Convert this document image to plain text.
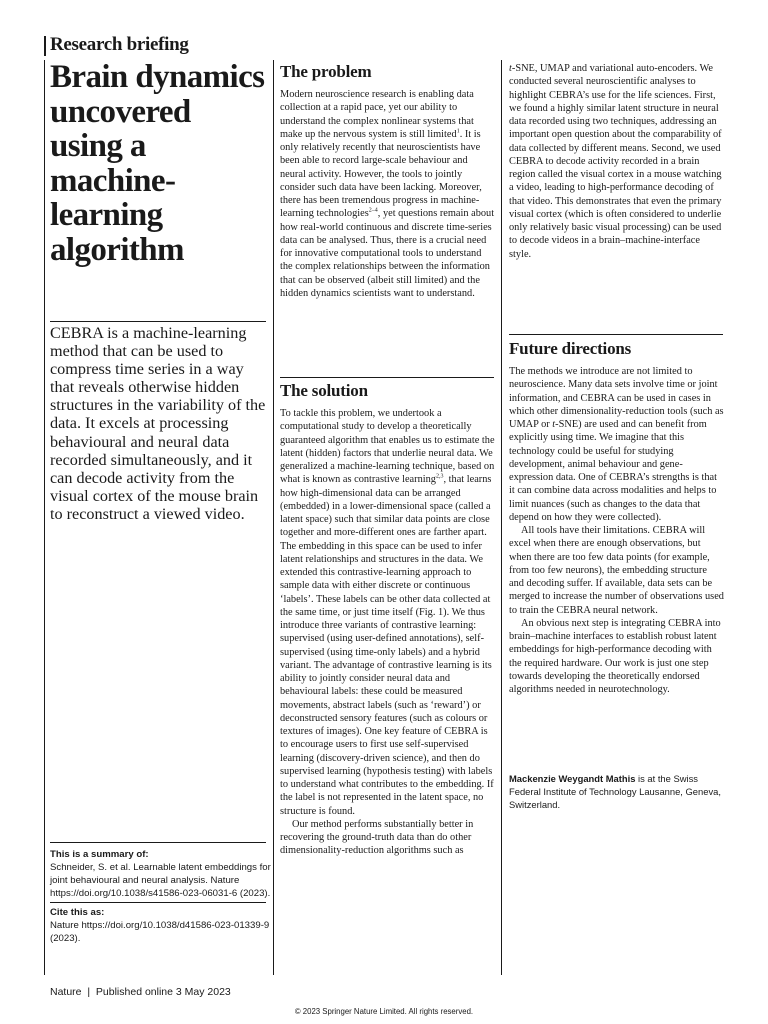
Research briefing
Brain dynamics uncovered using a machine-learning algorithm

CEBRA is a machine-learning method that can be used to compress time series in a way that reveals otherwise hidden structures in the variability of the data. It excels at processing behavioural and neural data recorded simultaneously, and it can decode activity from the visual cortex of the mouse brain to reconstruct a viewed video.

This is a summary of:

Schneider, S. et al. Learnable latent embeddings for joint behavioural and neural analysis. Nature https://doi.org/10.1038/s41586-023-06031-6 (2023).

Cite this as:

Nature https://doi.org/10.1038/d41586-023-01339-9 (2023).

The problem

Modern neuroscience research is enabling data collection at a rapid pace, yet our ability to understand the complex nonlinear systems that make up the nervous system is still limited$^1$. It is only relatively recently that neuroscientists have been able to record large-scale behaviour and neural activity. However, the tools to jointly consider such data have been lacking. Moreover, there has been tremendous progress in machine-learning technologies$^{2-4}$, yet questions remain about how real-world continuous and discrete time-series data can be analysed. Thus, there is a crucial need for innovative computational tools to understand the complex relationships between the information that can be observed (albeit still limited) and the hidden dynamics scientists want to understand.

The solution

To tackle this problem, we undertook a computational study to develop a theoretically guaranteed algorithm that enables us to estimate the latent (hidden) factors that underlie neural data. We generalized a machine-learning technique, based on what is known as contrastive learning$^{2,3}$, that learns how high-dimensional data can be arranged (embedded) in a lower-dimensional space (called a latent space) such that similar data points are close together and more-different ones are farther apart. The embedding in this space can be used to infer latent relationships and structures in the data. We extended this contrastive-learning approach to sample data with either discrete or continuous ‘labels’. These labels can be other data collected at the same time, or just time itself (Fig. 1). We thus introduce three variants of contrastive learning: supervised (using user-defined annotations), self-supervised (using time-only labels) and a hybrid variant. The advantage of contrastive learning is its ability to jointly consider neural data and behavioural labels: these could be measured movements, abstract labels (such as ‘reward’) or deconstructed sensory features (such as colours or textures of images). One key feature of CEBRA is to encourage users to first use self-supervised learning (discovery-driven science), and then do supervised learning (hypothesis testing) with labels to understand what contributes to the embedding. If the label is not represented in the latent space, no structure is found.

Our method performs substantially better in recovering the ground-truth data than do other dimensionality-reduction algorithms such as

t-SNE, UMAP and variational auto-encoders. We conducted several neuroscientific analyses to highlight CEBRA’s use for the life sciences. First, we found a highly similar latent structure in neural data recorded using two techniques, addressing an important open question about the comparability of data collected by different means. Second, we used CEBRA to decode activity recorded in a brain region called the visual cortex in a mouse watching a video, leading to high-performance decoding of that video. This demonstrates that even the primary visual cortex (which is often considered to underlie only relatively basic visual processing) can be used to decode videos in a brain–machine-interface style.

Future directions

The methods we introduce are not limited to neuroscience. Many data sets involve time or joint information, and CEBRA can be used in cases in which other dimensionality-reduction tools (such as UMAP or t-SNE) are used and can benefit from explicitly using time. We imagine that this technology could be useful for studying development, animal behaviour and gene-expression data. One of CEBRA’s strengths is that it can combine data across modalities and helps to limit nuances (such as changes to the data that depend on how they were collected).

All tools have their limitations. CEBRA will excel when there are enough observations, but when there are too few data points (for example, from too few neurons), the embedding structure and decoding suffer. If available, data sets can be merged to increase the number of observations used to train the CEBRA neural network.

An obvious next step is integrating CEBRA into brain–machine interfaces to establish robust latent embeddings for high-performance decoding with the required hardware. Our work is just one step towards developing the theoretically endorsed algorithms needed in neurotechnology.

Mackenzie Weygandt Mathis is at the Swiss Federal Institute of Technology Lausanne, Geneva, Switzerland.
Nature  |  Published online 3 May 2023
© 2023 Springer Nature Limited. All rights reserved.
